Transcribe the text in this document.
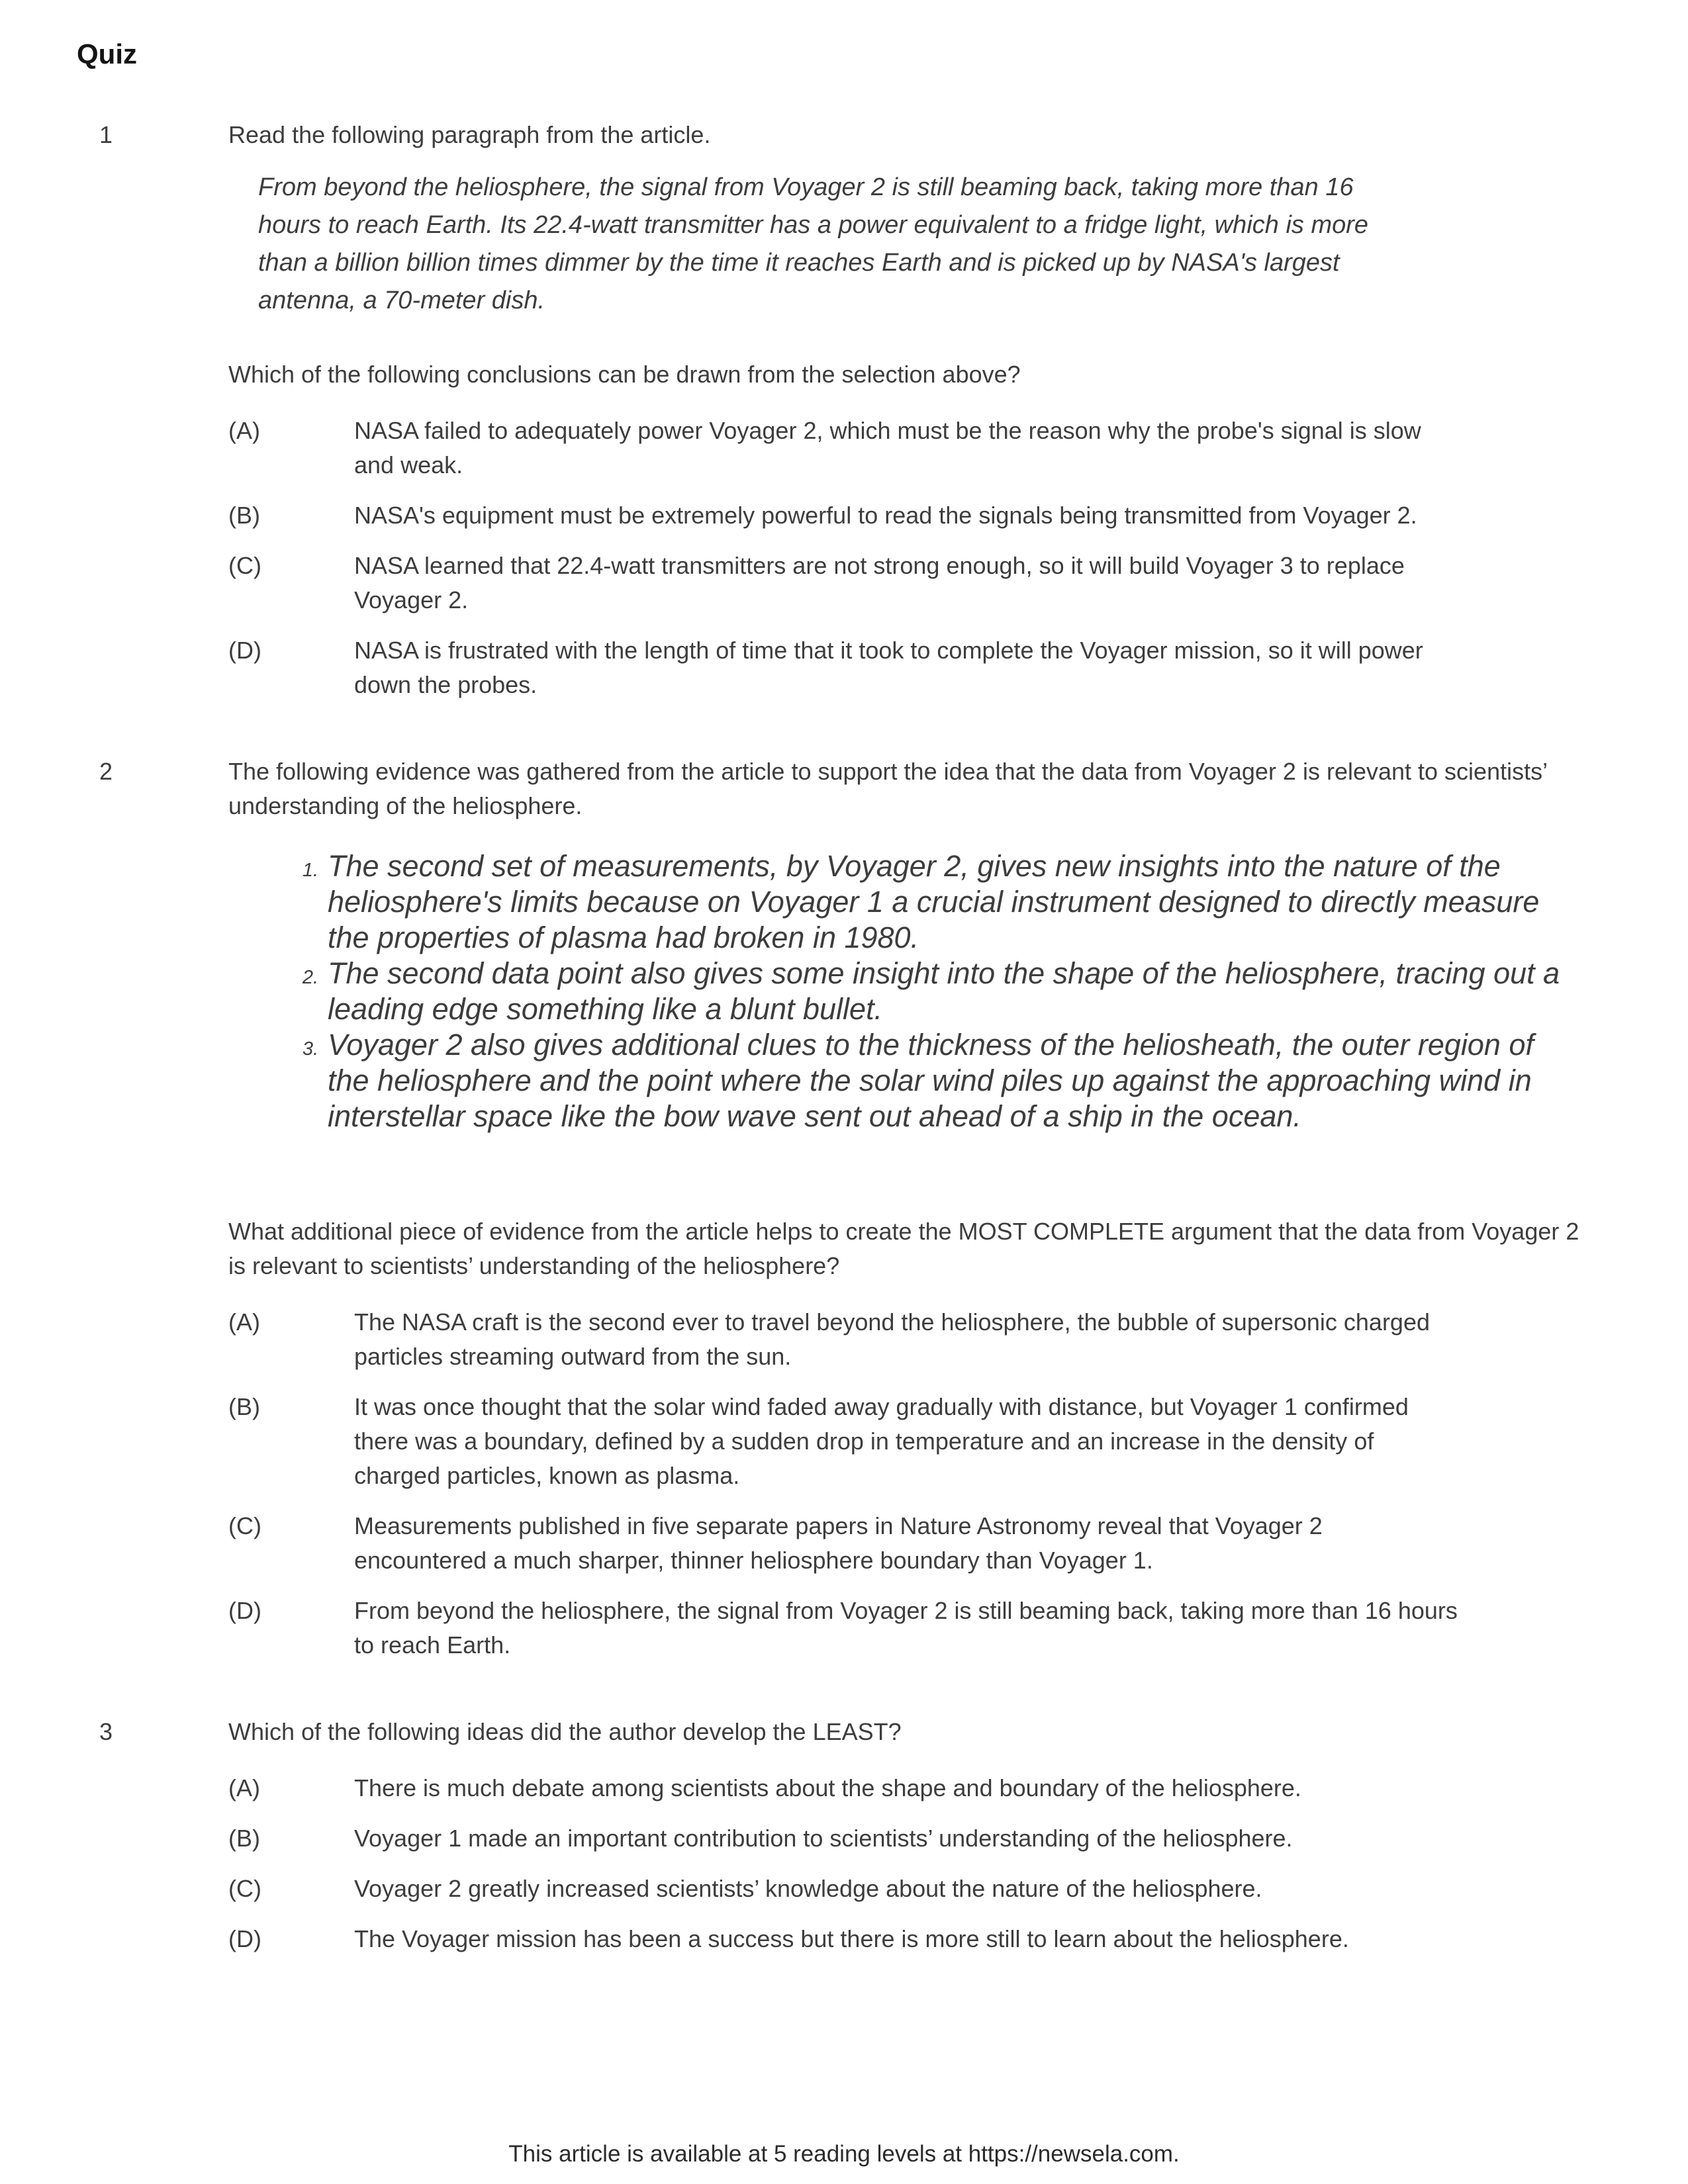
Quiz
1	Read the following paragraph from the article.

From beyond the heliosphere, the signal from Voyager 2 is still beaming back, taking more than 16 hours to reach Earth. Its 22.4-watt transmitter has a power equivalent to a fridge light, which is more than a billion billion times dimmer by the time it reaches Earth and is picked up by NASA's largest antenna, a 70-meter dish.

Which of the following conclusions can be drawn from the selection above?

(A)	NASA failed to adequately power Voyager 2, which must be the reason why the probe's signal is slow and weak.
(B)	NASA's equipment must be extremely powerful to read the signals being transmitted from Voyager 2.
(C)	NASA learned that 22.4-watt transmitters are not strong enough, so it will build Voyager 3 to replace Voyager 2.
(D)	NASA is frustrated with the length of time that it took to complete the Voyager mission, so it will power down the probes.
2	The following evidence was gathered from the article to support the idea that the data from Voyager 2 is relevant to scientists’ understanding of the heliosphere.

1. The second set of measurements, by Voyager 2, gives new insights into the nature of the heliosphere's limits because on Voyager 1 a crucial instrument designed to directly measure the properties of plasma had broken in 1980.
2. The second data point also gives some insight into the shape of the heliosphere, tracing out a leading edge something like a blunt bullet.
3. Voyager 2 also gives additional clues to the thickness of the heliosheath, the outer region of the heliosphere and the point where the solar wind piles up against the approaching wind in interstellar space like the bow wave sent out ahead of a ship in the ocean.

What additional piece of evidence from the article helps to create the MOST COMPLETE argument that the data from Voyager 2 is relevant to scientists’ understanding of the heliosphere?

(A)	The NASA craft is the second ever to travel beyond the heliosphere, the bubble of supersonic charged particles streaming outward from the sun.
(B)	It was once thought that the solar wind faded away gradually with distance, but Voyager 1 confirmed there was a boundary, defined by a sudden drop in temperature and an increase in the density of charged particles, known as plasma.
(C)	Measurements published in five separate papers in Nature Astronomy reveal that Voyager 2 encountered a much sharper, thinner heliosphere boundary than Voyager 1.
(D)	From beyond the heliosphere, the signal from Voyager 2 is still beaming back, taking more than 16 hours to reach Earth.
3	Which of the following ideas did the author develop the LEAST?

(A)	There is much debate among scientists about the shape and boundary of the heliosphere.
(B)	Voyager 1 made an important contribution to scientists’ understanding of the heliosphere.
(C)	Voyager 2 greatly increased scientists’ knowledge about the nature of the heliosphere.
(D)	The Voyager mission has been a success but there is more still to learn about the heliosphere.
This article is available at 5 reading levels at https://newsela.com.
